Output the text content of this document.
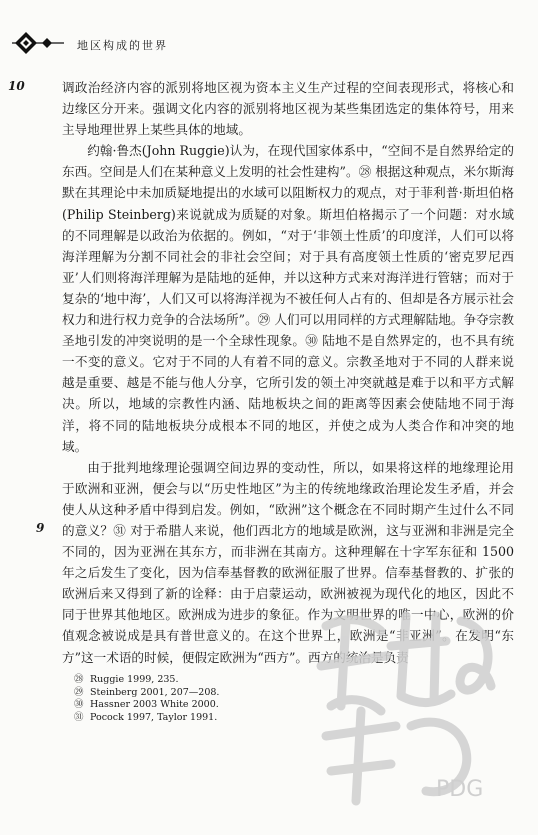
地区构成的世界
10
9

调政治经济内容的派别将地区视为资本主义生产过程的空间表现形式，将核心和边缘区分开来。强调文化内容的派别将地区视为某些集团选定的集体符号，用来主导地理世界上某些具体的地域。

约翰·鲁杰(John Ruggie)认为，在现代国家体系中，“空间不是自然界给定的东西。空间是人们在某种意义上发明的社会性建构”。㉘ 根据这种观点，米尔斯海默在其理论中未加质疑地提出的水域可以阻断权力的观点，对于菲利普·斯坦伯格(Philip Steinberg)来说就成为质疑的对象。斯坦伯格揭示了一个问题：对水域的不同理解是以政治为依据的。例如，“对于‘非领土性质’的印度洋，人们可以将海洋理解为分割不同社会的非社会空间；对于具有高度领土性质的‘密克罗尼西亚’人们则将海洋理解为是陆地的延伸，并以这种方式来对海洋进行管辖；而对于复杂的‘地中海’，人们又可以将海洋视为不被任何人占有的、但却是各方展示社会权力和进行权力竞争的合法场所”。㉙ 人们可以用同样的方式理解陆地。争夺宗教圣地引发的冲突说明的是一个全球性现象。㉚ 陆地不是自然界定的，也不具有统一不变的意义。它对于不同的人有着不同的意义。宗教圣地对于不同的人群来说越是重要、越是不能与他人分享，它所引发的领土冲突就越是难于以和平方式解决。所以，地域的宗教性内涵、陆地板块之间的距离等因素会使陆地不同于海洋，将不同的陆地板块分成根本不同的地区，并使之成为人类合作和冲突的地域。

由于批判地缘理论强调空间边界的变动性，所以，如果将这样的地缘理论用于欧洲和亚洲，便会与以“历史性地区”为主的传统地缘政治理论发生矛盾，并会使人从这种矛盾中得到启发。例如，“欧洲”这个概念在不同时期产生过什么不同的意义？㉛ 对于希腊人来说，他们西北方的地域是欧洲，这与亚洲和非洲是完全不同的，因为亚洲在其东方，而非洲在其南方。这种理解在十字军东征和 1500 年之后发生了变化，因为信奉基督教的欧洲征服了世界。信奉基督教的、扩张的欧洲后来又得到了新的诠释：由于启蒙运动，欧洲被视为现代化的地区，因此不同于世界其他地区。欧洲成为进步的象征。作为文明世界的唯一中心，欧洲的价值观念被说成是具有普世意义的。在这个世界上，欧洲是“非亚洲”。在发明“东方”这一术语的时候，便假定欧洲为“西方”。西方的统治是负责

㉘ Ruggie 1999, 235.
㉙ Steinberg 2001, 207—208.
㉚ Hassner 2003 White 2000.
㉛ Pocock 1997, Taylor 1991.
PDG
